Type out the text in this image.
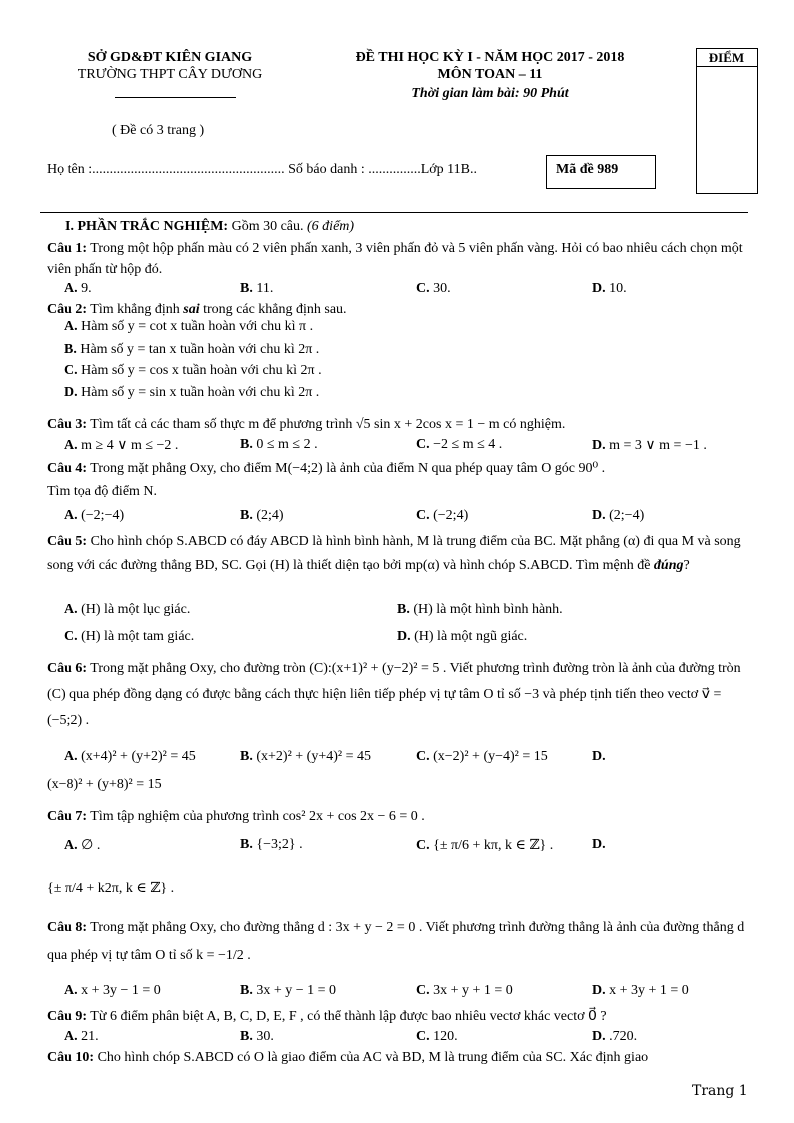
SỞ GD&ĐT KIÊN GIANG
TRƯỜNG THPT CÂY DƯƠNG
( Đề có 3 trang )
ĐỀ THI HỌC KỲ I - NĂM HỌC 2017 - 2018
MÔN TOAN – 11
Thời gian làm bài: 90 Phút
ĐIỂM
Họ tên :....................................................... Số báo danh : ...............Lớp 11B..	Mã đề 989
I. PHẦN TRẮC NGHIỆM: Gồm 30 câu. (6 điểm)
Câu 1: Trong một hộp phấn màu có 2 viên phấn xanh, 3 viên phấn đỏ và 5 viên phấn vàng. Hỏi có bao nhiêu cách chọn một viên phấn từ hộp đó.
A. 9.	B. 11.	C. 30.	D. 10.
Câu 2: Tìm khẳng định sai trong các khẳng định sau.
A. Hàm số y = cot x tuần hoàn với chu kì π .
B. Hàm số y = tan x tuần hoàn với chu kì 2π .
C. Hàm số y = cos x tuần hoàn với chu kì 2π .
D. Hàm số y = sin x tuần hoàn với chu kì 2π .
Câu 3: Tìm tất cả các tham số thực m để phương trình √5 sin x + 2cos x = 1 − m có nghiệm.
A. m ≥ 4 ∨ m ≤ −2 .	B. 0 ≤ m ≤ 2 .	C. −2 ≤ m ≤ 4 .	D. m = 3 ∨ m = −1 .
Câu 4: Trong mặt phẳng Oxy, cho điểm M(−4;2) là ảnh của điểm N qua phép quay tâm O góc 90⁰ .
Tìm tọa độ điểm N.
A. (−2;−4)	B. (2;4)	C. (−2;4)	D. (2;−4)
Câu 5: Cho hình chóp S.ABCD có đáy ABCD là hình bình hành, M là trung điểm của BC. Mặt phẳng (α) đi qua M và song song với các đường thẳng BD, SC. Gọi (H) là thiết diện tạo bởi mp(α) và hình chóp S.ABCD. Tìm mệnh đề đúng?
A. (H) là một lục giác.	B. (H) là một hình bình hành.
C. (H) là một tam giác.	D. (H) là một ngũ giác.
Câu 6: Trong mặt phẳng Oxy, cho đường tròn (C):(x+1)² + (y−2)² = 5 . Viết phương trình đường tròn là ảnh của đường tròn (C) qua phép đồng dạng có được bằng cách thực hiện liên tiếp phép vị tự tâm O tỉ số −3 và phép tịnh tiến theo vectơ v⃗ = (−5;2) .
A. (x+4)² + (y+2)² = 45	B. (x+2)² + (y+4)² = 45	C. (x−2)² + (y−4)² = 15	D.
(x−8)² + (y+8)² = 15
Câu 7: Tìm tập nghiệm của phương trình cos² 2x + cos 2x − 6 = 0 .
A. ∅ .	B. {−3;2} .	C. {± π/6 + kπ, k ∈ ℤ} .	D.
{± π/4 + k2π, k ∈ ℤ} .
Câu 8: Trong mặt phẳng Oxy, cho đường thẳng d : 3x + y − 2 = 0 . Viết phương trình đường thẳng là ảnh của đường thẳng d qua phép vị tự tâm O tỉ số k = −1/2 .
A. x + 3y − 1 = 0	B. 3x + y − 1 = 0	C. 3x + y + 1 = 0	D. x + 3y + 1 = 0
Câu 9: Từ 6 điểm phân biệt A, B, C, D, E, F , có thể thành lập được bao nhiêu vectơ khác vectơ 0⃗ ?
A. 21.	B. 30.	C. 120.	D. .720.
Câu 10: Cho hình chóp S.ABCD có O là giao điểm của AC và BD, M là trung điểm của SC. Xác định giao
Trang 1
